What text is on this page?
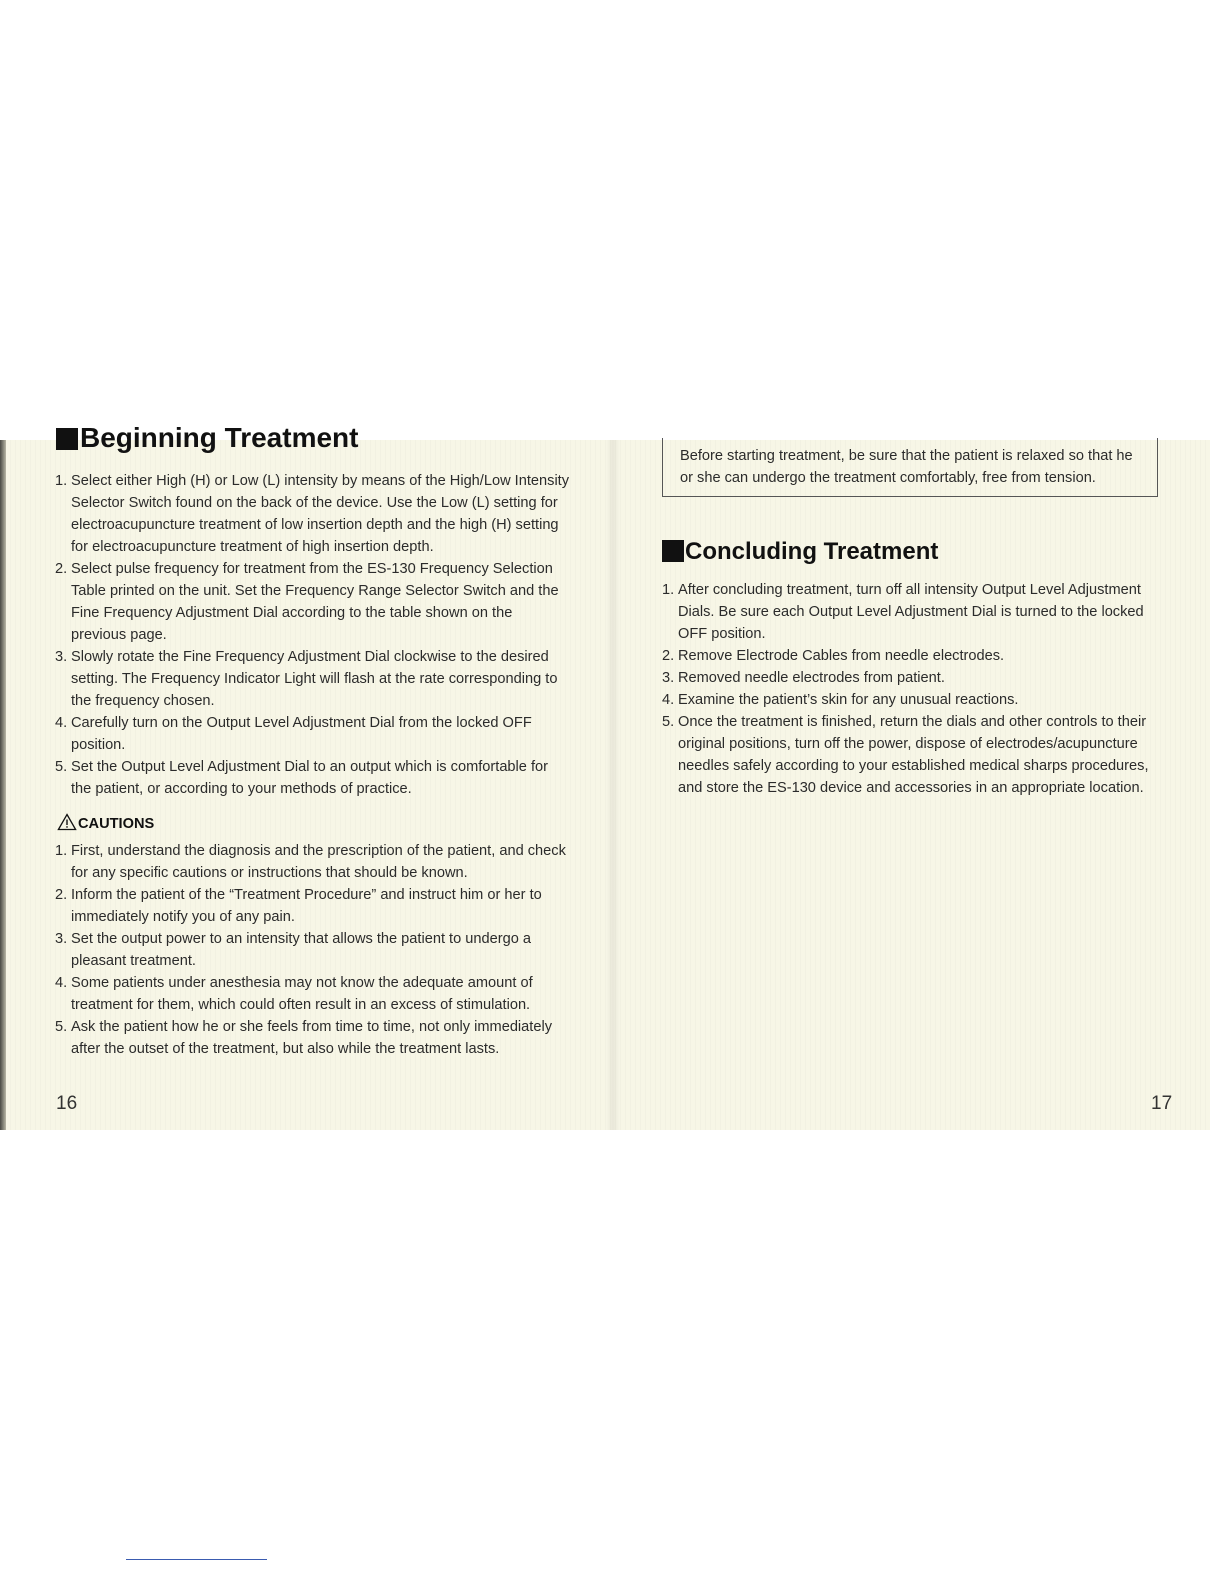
Beginning Treatment
1. Select either High (H) or Low (L) intensity by means of the High/Low Intensity Selector Switch found on the back of the device. Use the Low (L) setting for electroacupuncture treatment of low insertion depth and the high (H) setting for electroacupuncture treatment of high insertion depth.
2. Select pulse frequency for treatment from the ES-130 Frequency Selection Table printed on the unit. Set the Frequency Range Selector Switch and the Fine Frequency Adjustment Dial according to the table shown on the previous page.
3. Slowly rotate the Fine Frequency Adjustment Dial clockwise to the desired setting. The Frequency Indicator Light will flash at the rate corresponding to the frequency chosen.
4. Carefully turn on the Output Level Adjustment Dial from the locked OFF position.
5. Set the Output Level Adjustment Dial to an output which is comfortable for the patient, or according to your methods of practice.
CAUTIONS
1. First, understand the diagnosis and the prescription of the patient, and check for any specific cautions or instructions that should be known.
2. Inform the patient of the “Treatment Procedure” and instruct him or her to immediately notify you of any pain.
3. Set the output power to an intensity that allows the patient to undergo a pleasant treatment.
4. Some patients under anesthesia may not know the adequate amount of treatment for them, which could often result in an excess of stimulation.
5. Ask the patient how he or she feels from time to time, not only immediately after the outset of the treatment, but also while the treatment lasts.
16
Before starting treatment, be sure that the patient is relaxed so that he or she can undergo the treatment comfortably, free from tension.
Concluding Treatment
1. After concluding treatment, turn off all intensity Output Level Adjustment Dials. Be sure each Output Level Adjustment Dial is turned to the locked OFF position.
2. Remove Electrode Cables from needle electrodes.
3. Removed needle electrodes from patient.
4. Examine the patient’s skin for any unusual reactions.
5. Once the treatment is finished, return the dials and other controls to their original positions, turn off the power, dispose of electrodes/acupuncture needles safely according to your established medical sharps procedures, and store the ES-130 device and accessories in an appropriate location.
17
